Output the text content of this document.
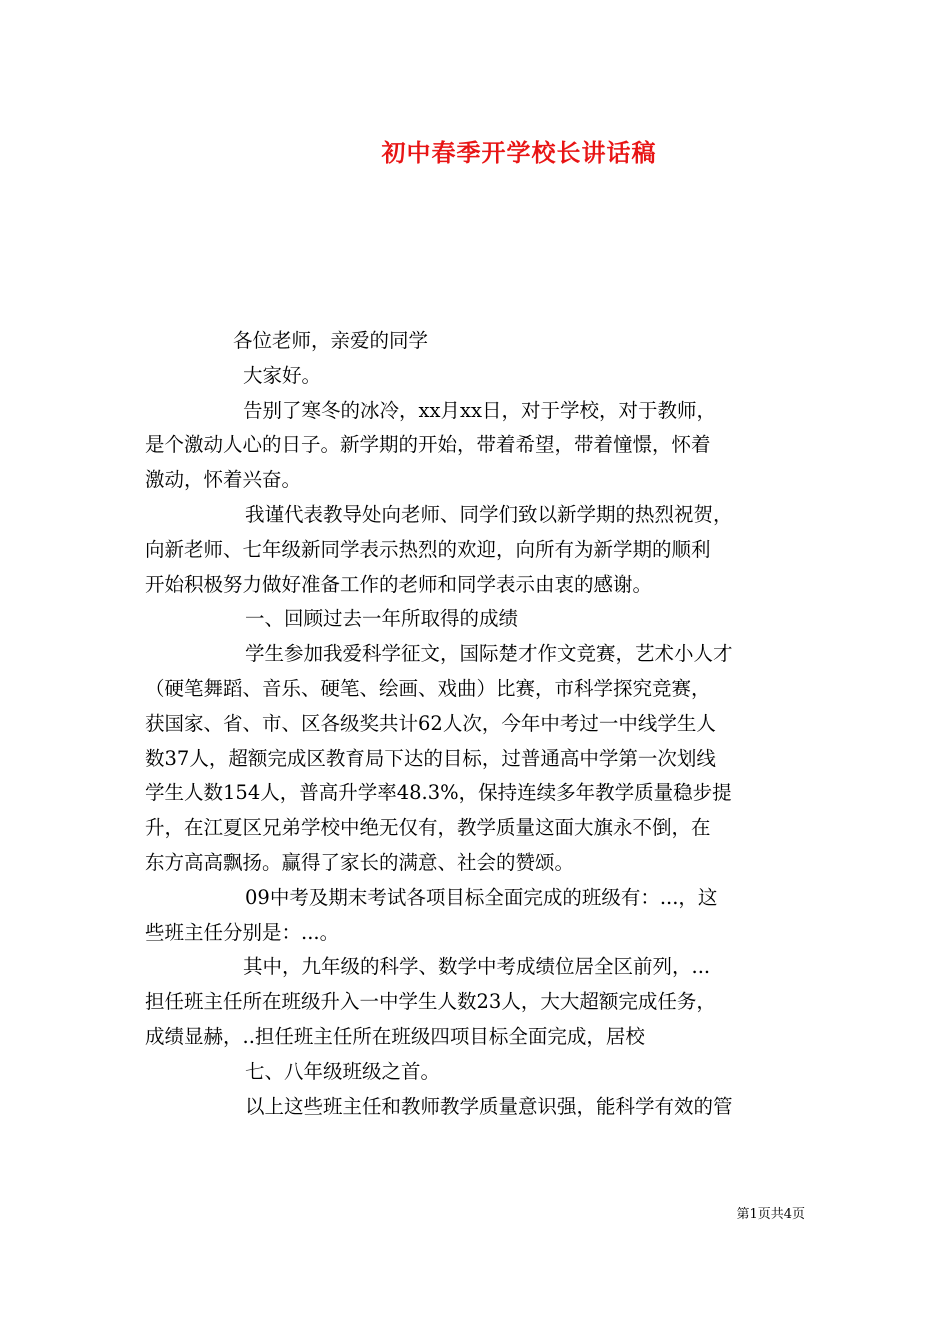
初中春季开学校长讲话稿
各位老师，亲爱的同学
大家好。
告别了寒冬的冰冷，xx月xx日，对于学校，对于教师，
是个激动人心的日子。新学期的开始，带着希望，带着憧憬，怀着
激动，怀着兴奋。
我谨代表教导处向老师、同学们致以新学期的热烈祝贺，
向新老师、七年级新同学表示热烈的欢迎，向所有为新学期的顺利
开始积极努力做好准备工作的老师和同学表示由衷的感谢。
一、回顾过去一年所取得的成绩
学生参加我爱科学征文，国际楚才作文竞赛，艺术小人才
（硬笔舞蹈、音乐、硬笔、绘画、戏曲）比赛，市科学探究竞赛，
获国家、省、市、区各级奖共计62人次，今年中考过一中线学生人
数37人，超额完成区教育局下达的目标，过普通高中学第一次划线
学生人数154人，普高升学率48.3%，保持连续多年教学质量稳步提
升，在江夏区兄弟学校中绝无仅有，教学质量这面大旗永不倒，在
东方高高飘扬。赢得了家长的满意、社会的赞颂。
09中考及期末考试各项目标全面完成的班级有：...，这
些班主任分别是：...。
其中，九年级的科学、数学中考成绩位居全区前列，...
担任班主任所在班级升入一中学生人数23人，大大超额完成任务，
成绩显赫，..担任班主任所在班级四项目标全面完成，居校
七、八年级班级之首。
以上这些班主任和教师教学质量意识强，能科学有效的管
第1页共4页
